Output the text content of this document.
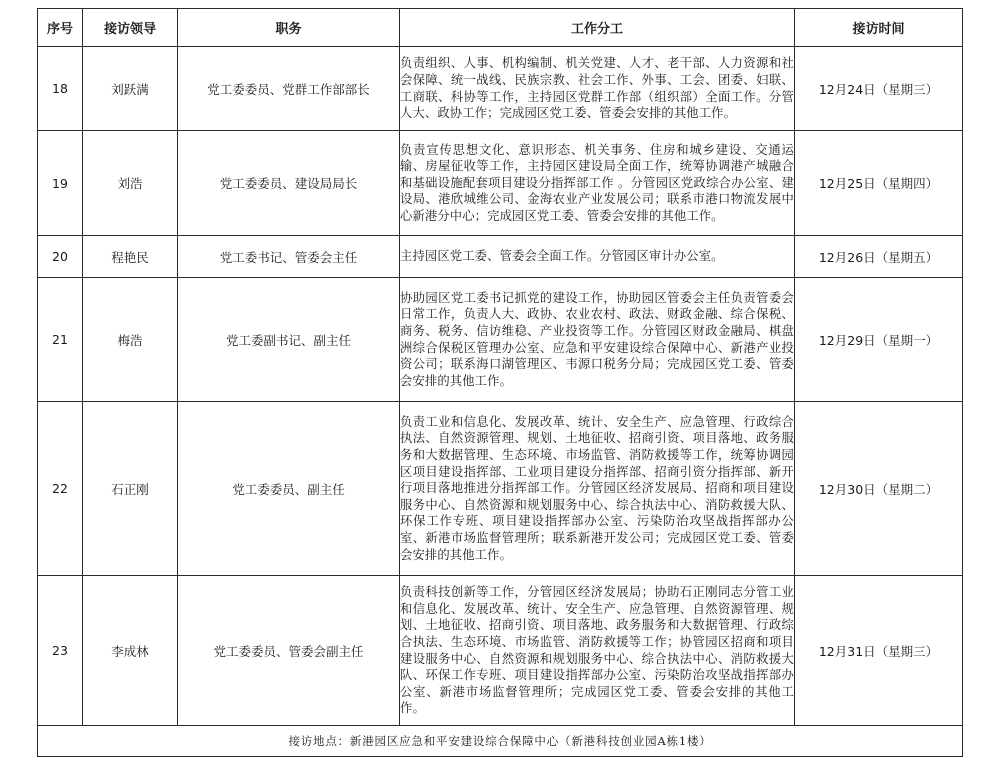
序号	接访领导	职务	工作分工	接访时间
18	刘跃满	党工委委员、党群工作部部长	负责组织、人事、机构编制、机关党建、人才、老干部、人力资源和社会保障、统一战线、民族宗教、社会工作、外事、工会、团委、妇联、工商联、科协等工作，主持园区党群工作部（组织部）全面工作。分管人大、政协工作；完成园区党工委、管委会安排的其他工作。	12月24日（星期三）
19	刘浩	党工委委员、建设局局长	负责宣传思想文化、意识形态、机关事务、住房和城乡建设、交通运输、房屋征收等工作，主持园区建设局全面工作，统筹协调港产城融合和基础设施配套项目建设分指挥部工作 。分管园区党政综合办公室、建设局、港欣城维公司、金海农业产业发展公司；联系市港口物流发展中心新港分中心；完成园区党工委、管委会安排的其他工作。	12月25日（星期四）
20	程艳民	党工委书记、管委会主任	主持园区党工委、管委会全面工作。分管园区审计办公室。	12月26日（星期五）
21	梅浩	党工委副书记、副主任	协助园区党工委书记抓党的建设工作，协助园区管委会主任负责管委会日常工作，负责人大、政协、农业农村、政法、财政金融、综合保税、商务、税务、信访维稳、产业投资等工作。分管园区财政金融局、棋盘洲综合保税区管理办公室、应急和平安建设综合保障中心、新港产业投资公司；联系海口湖管理区、韦源口税务分局；完成园区党工委、管委会安排的其他工作。	12月29日（星期一）
22	石正刚	党工委委员、副主任	负责工业和信息化、发展改革、统计、安全生产、应急管理、行政综合执法、自然资源管理、规划、土地征收、招商引资、项目落地、政务服务和大数据管理、生态环境、市场监管、消防救援等工作，统筹协调园区项目建设指挥部、工业项目建设分指挥部、招商引资分指挥部、新开行项目落地推进分指挥部工作。分管园区经济发展局、招商和项目建设服务中心、自然资源和规划服务中心、综合执法中心、消防救援大队、环保工作专班、项目建设指挥部办公室、污染防治攻坚战指挥部办公室、新港市场监督管理所；联系新港开发公司；完成园区党工委、管委会安排的其他工作。	12月30日（星期二）
23	李成林	党工委委员、管委会副主任	负责科技创新等工作，分管园区经济发展局；协助石正刚同志分管工业和信息化、发展改革、统计、安全生产、应急管理、自然资源管理、规划、土地征收、招商引资、项目落地、政务服务和大数据管理、行政综合执法、生态环境、市场监管、消防救援等工作；协管园区招商和项目建设服务中心、自然资源和规划服务中心、综合执法中心、消防救援大队、环保工作专班、项目建设指挥部办公室、污染防治攻坚战指挥部办公室、新港市场监督管理所；完成园区党工委、管委会安排的其他工作。	12月31日（星期三）
接访地点：新港园区应急和平安建设综合保障中心（新港科技创业园A栋1楼）				
